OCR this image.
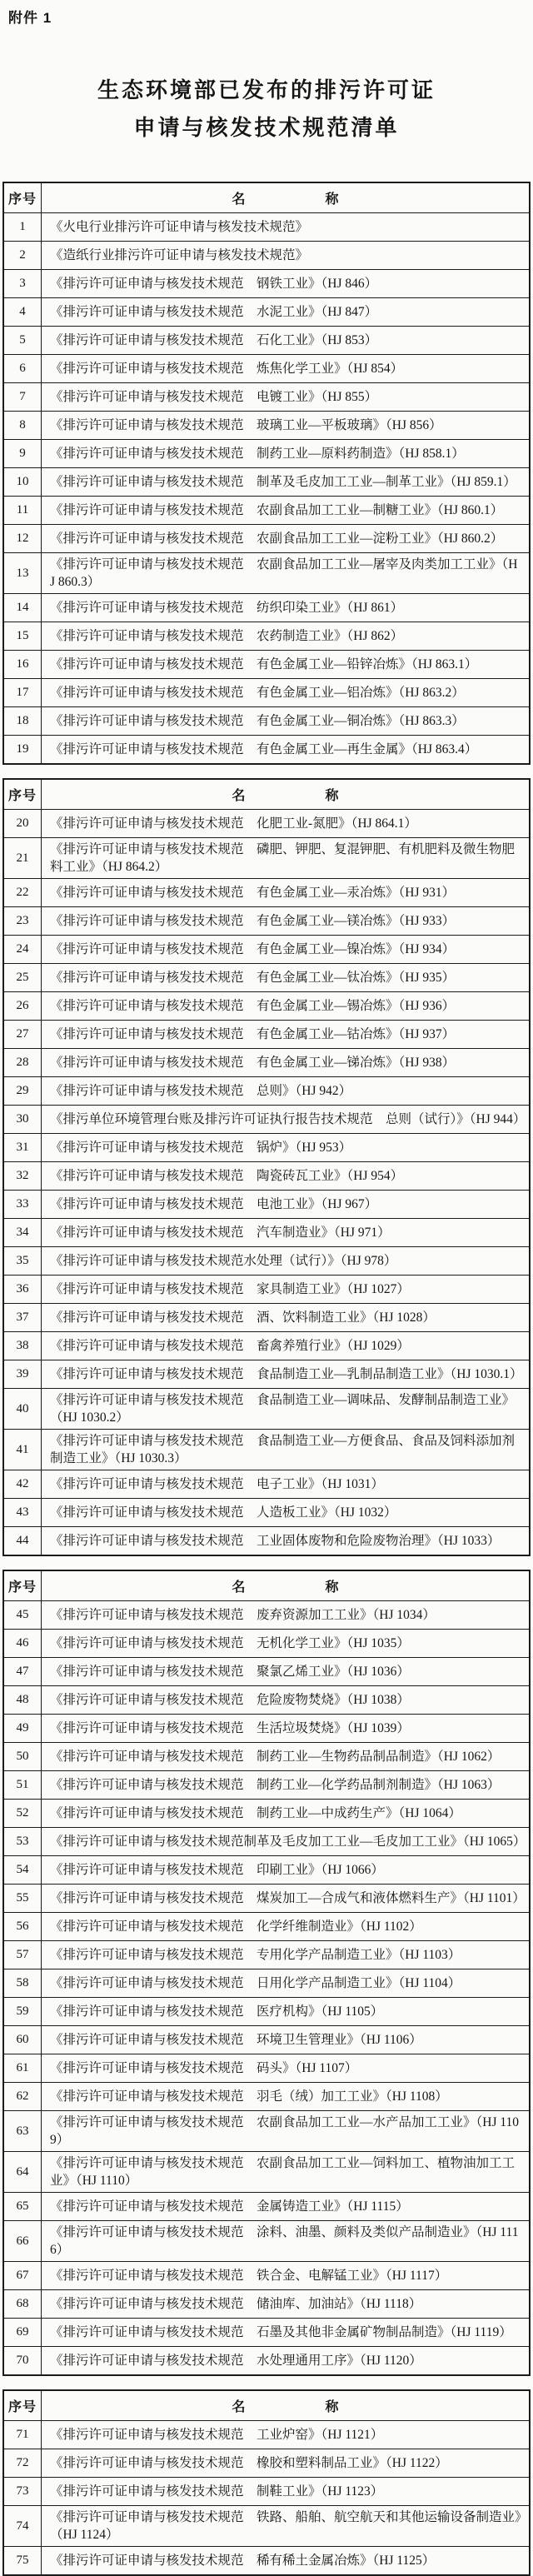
附件 1
生态环境部已发布的排污许可证
申请与核发技术规范清单
序号	名　　　　　　称
1	《火电行业排污许可证申请与核发技术规范》
2	《造纸行业排污许可证申请与核发技术规范》
3	《排污许可证申请与核发技术规范　钢铁工业》（HJ 846）
4	《排污许可证申请与核发技术规范　水泥工业》（HJ 847）
5	《排污许可证申请与核发技术规范　石化工业》（HJ 853）
6	《排污许可证申请与核发技术规范　炼焦化学工业》（HJ 854）
7	《排污许可证申请与核发技术规范　电镀工业》（HJ 855）
8	《排污许可证申请与核发技术规范　玻璃工业—平板玻璃》（HJ 856）
9	《排污许可证申请与核发技术规范　制药工业—原料药制造》（HJ 858.1）
10	《排污许可证申请与核发技术规范　制革及毛皮加工工业—制革工业》（HJ 859.1）
11	《排污许可证申请与核发技术规范　农副食品加工工业—制糖工业》（HJ 860.1）
12	《排污许可证申请与核发技术规范　农副食品加工工业—淀粉工业》（HJ 860.2）
13	《排污许可证申请与核发技术规范　农副食品加工工业—屠宰及肉类加工工业》（HJ 860.3）
14	《排污许可证申请与核发技术规范　纺织印染工业》（HJ 861）
15	《排污许可证申请与核发技术规范　农药制造工业》（HJ 862）
16	《排污许可证申请与核发技术规范　有色金属工业—铅锌冶炼》（HJ 863.1）
17	《排污许可证申请与核发技术规范　有色金属工业—铝冶炼》（HJ 863.2）
18	《排污许可证申请与核发技术规范　有色金属工业—铜冶炼》（HJ 863.3）
19	《排污许可证申请与核发技术规范　有色金属工业—再生金属》（HJ 863.4）
序号	名　　　　　　称
20	《排污许可证申请与核发技术规范　化肥工业-氮肥》（HJ 864.1）
21	《排污许可证申请与核发技术规范　磷肥、钾肥、复混钾肥、有机肥料及微生物肥料工业》（HJ 864.2）
22	《排污许可证申请与核发技术规范　有色金属工业—汞冶炼》（HJ 931）
23	《排污许可证申请与核发技术规范　有色金属工业—镁冶炼》（HJ 933）
24	《排污许可证申请与核发技术规范　有色金属工业—镍冶炼》（HJ 934）
25	《排污许可证申请与核发技术规范　有色金属工业—钛冶炼》（HJ 935）
26	《排污许可证申请与核发技术规范　有色金属工业—锡冶炼》（HJ 936）
27	《排污许可证申请与核发技术规范　有色金属工业—钴冶炼》（HJ 937）
28	《排污许可证申请与核发技术规范　有色金属工业—锑冶炼》（HJ 938）
29	《排污许可证申请与核发技术规范　总则》（HJ 942）
30	《排污单位环境管理台账及排污许可证执行报告技术规范　总则（试行）》（HJ 944）
31	《排污许可证申请与核发技术规范　锅炉》（HJ 953）
32	《排污许可证申请与核发技术规范　陶瓷砖瓦工业》（HJ 954）
33	《排污许可证申请与核发技术规范　电池工业》（HJ 967）
34	《排污许可证申请与核发技术规范　汽车制造业》（HJ 971）
35	《排污许可证申请与核发技术规范水处理（试行）》（HJ 978）
36	《排污许可证申请与核发技术规范　家具制造工业》（HJ 1027）
37	《排污许可证申请与核发技术规范　酒、饮料制造工业》（HJ 1028）
38	《排污许可证申请与核发技术规范　畜禽养殖行业》（HJ 1029）
39	《排污许可证申请与核发技术规范　食品制造工业—乳制品制造工业》（HJ 1030.1）
40	《排污许可证申请与核发技术规范　食品制造工业—调味品、发酵制品制造工业》（HJ 1030.2）
41	《排污许可证申请与核发技术规范　食品制造工业—方便食品、食品及饲料添加剂制造工业》（HJ 1030.3）
42	《排污许可证申请与核发技术规范　电子工业》（HJ 1031）
43	《排污许可证申请与核发技术规范　人造板工业》（HJ 1032）
44	《排污许可证申请与核发技术规范　工业固体废物和危险废物治理》（HJ 1033）
序号	名　　　　　　称
45	《排污许可证申请与核发技术规范　废弃资源加工工业》（HJ 1034）
46	《排污许可证申请与核发技术规范　无机化学工业》（HJ 1035）
47	《排污许可证申请与核发技术规范　聚氯乙烯工业》（HJ 1036）
48	《排污许可证申请与核发技术规范　危险废物焚烧》（HJ 1038）
49	《排污许可证申请与核发技术规范　生活垃圾焚烧》（HJ 1039）
50	《排污许可证申请与核发技术规范　制药工业—生物药品制品制造》（HJ 1062）
51	《排污许可证申请与核发技术规范　制药工业—化学药品制剂制造》（HJ 1063）
52	《排污许可证申请与核发技术规范　制药工业—中成药生产》（HJ 1064）
53	《排污许可证申请与核发技术规范制革及毛皮加工工业—毛皮加工工业》（HJ 1065）
54	《排污许可证申请与核发技术规范　印刷工业》（HJ 1066）
55	《排污许可证申请与核发技术规范　煤炭加工—合成气和液体燃料生产》（HJ 1101）
56	《排污许可证申请与核发技术规范　化学纤维制造业》（HJ 1102）
57	《排污许可证申请与核发技术规范　专用化学产品制造工业》（HJ 1103）
58	《排污许可证申请与核发技术规范　日用化学产品制造工业》（HJ 1104）
59	《排污许可证申请与核发技术规范　医疗机构》（HJ 1105）
60	《排污许可证申请与核发技术规范　环境卫生管理业》（HJ 1106）
61	《排污许可证申请与核发技术规范　码头》（HJ 1107）
62	《排污许可证申请与核发技术规范　羽毛（绒）加工工业》（HJ 1108）
63	《排污许可证申请与核发技术规范　农副食品加工工业—水产品加工工业》（HJ 1109）
64	《排污许可证申请与核发技术规范　农副食品加工工业—饲料加工、植物油加工工业》（HJ 1110）
65	《排污许可证申请与核发技术规范　金属铸造工业》（HJ 1115）
66	《排污许可证申请与核发技术规范　涂料、油墨、颜料及类似产品制造业》（HJ 1116）
67	《排污许可证申请与核发技术规范　铁合金、电解锰工业》（HJ 1117）
68	《排污许可证申请与核发技术规范　储油库、加油站》（HJ 1118）
69	《排污许可证申请与核发技术规范　石墨及其他非金属矿物制品制造》（HJ 1119）
70	《排污许可证申请与核发技术规范　水处理通用工序》（HJ 1120）
序号	名　　　　　　称
71	《排污许可证申请与核发技术规范　工业炉窑》（HJ 1121）
72	《排污许可证申请与核发技术规范　橡胶和塑料制品工业》（HJ 1122）
73	《排污许可证申请与核发技术规范　制鞋工业》（HJ 1123）
74	《排污许可证申请与核发技术规范　铁路、船舶、航空航天和其他运输设备制造业》（HJ 1124）
75	《排污许可证申请与核发技术规范　稀有稀土金属冶炼》（HJ 1125）
